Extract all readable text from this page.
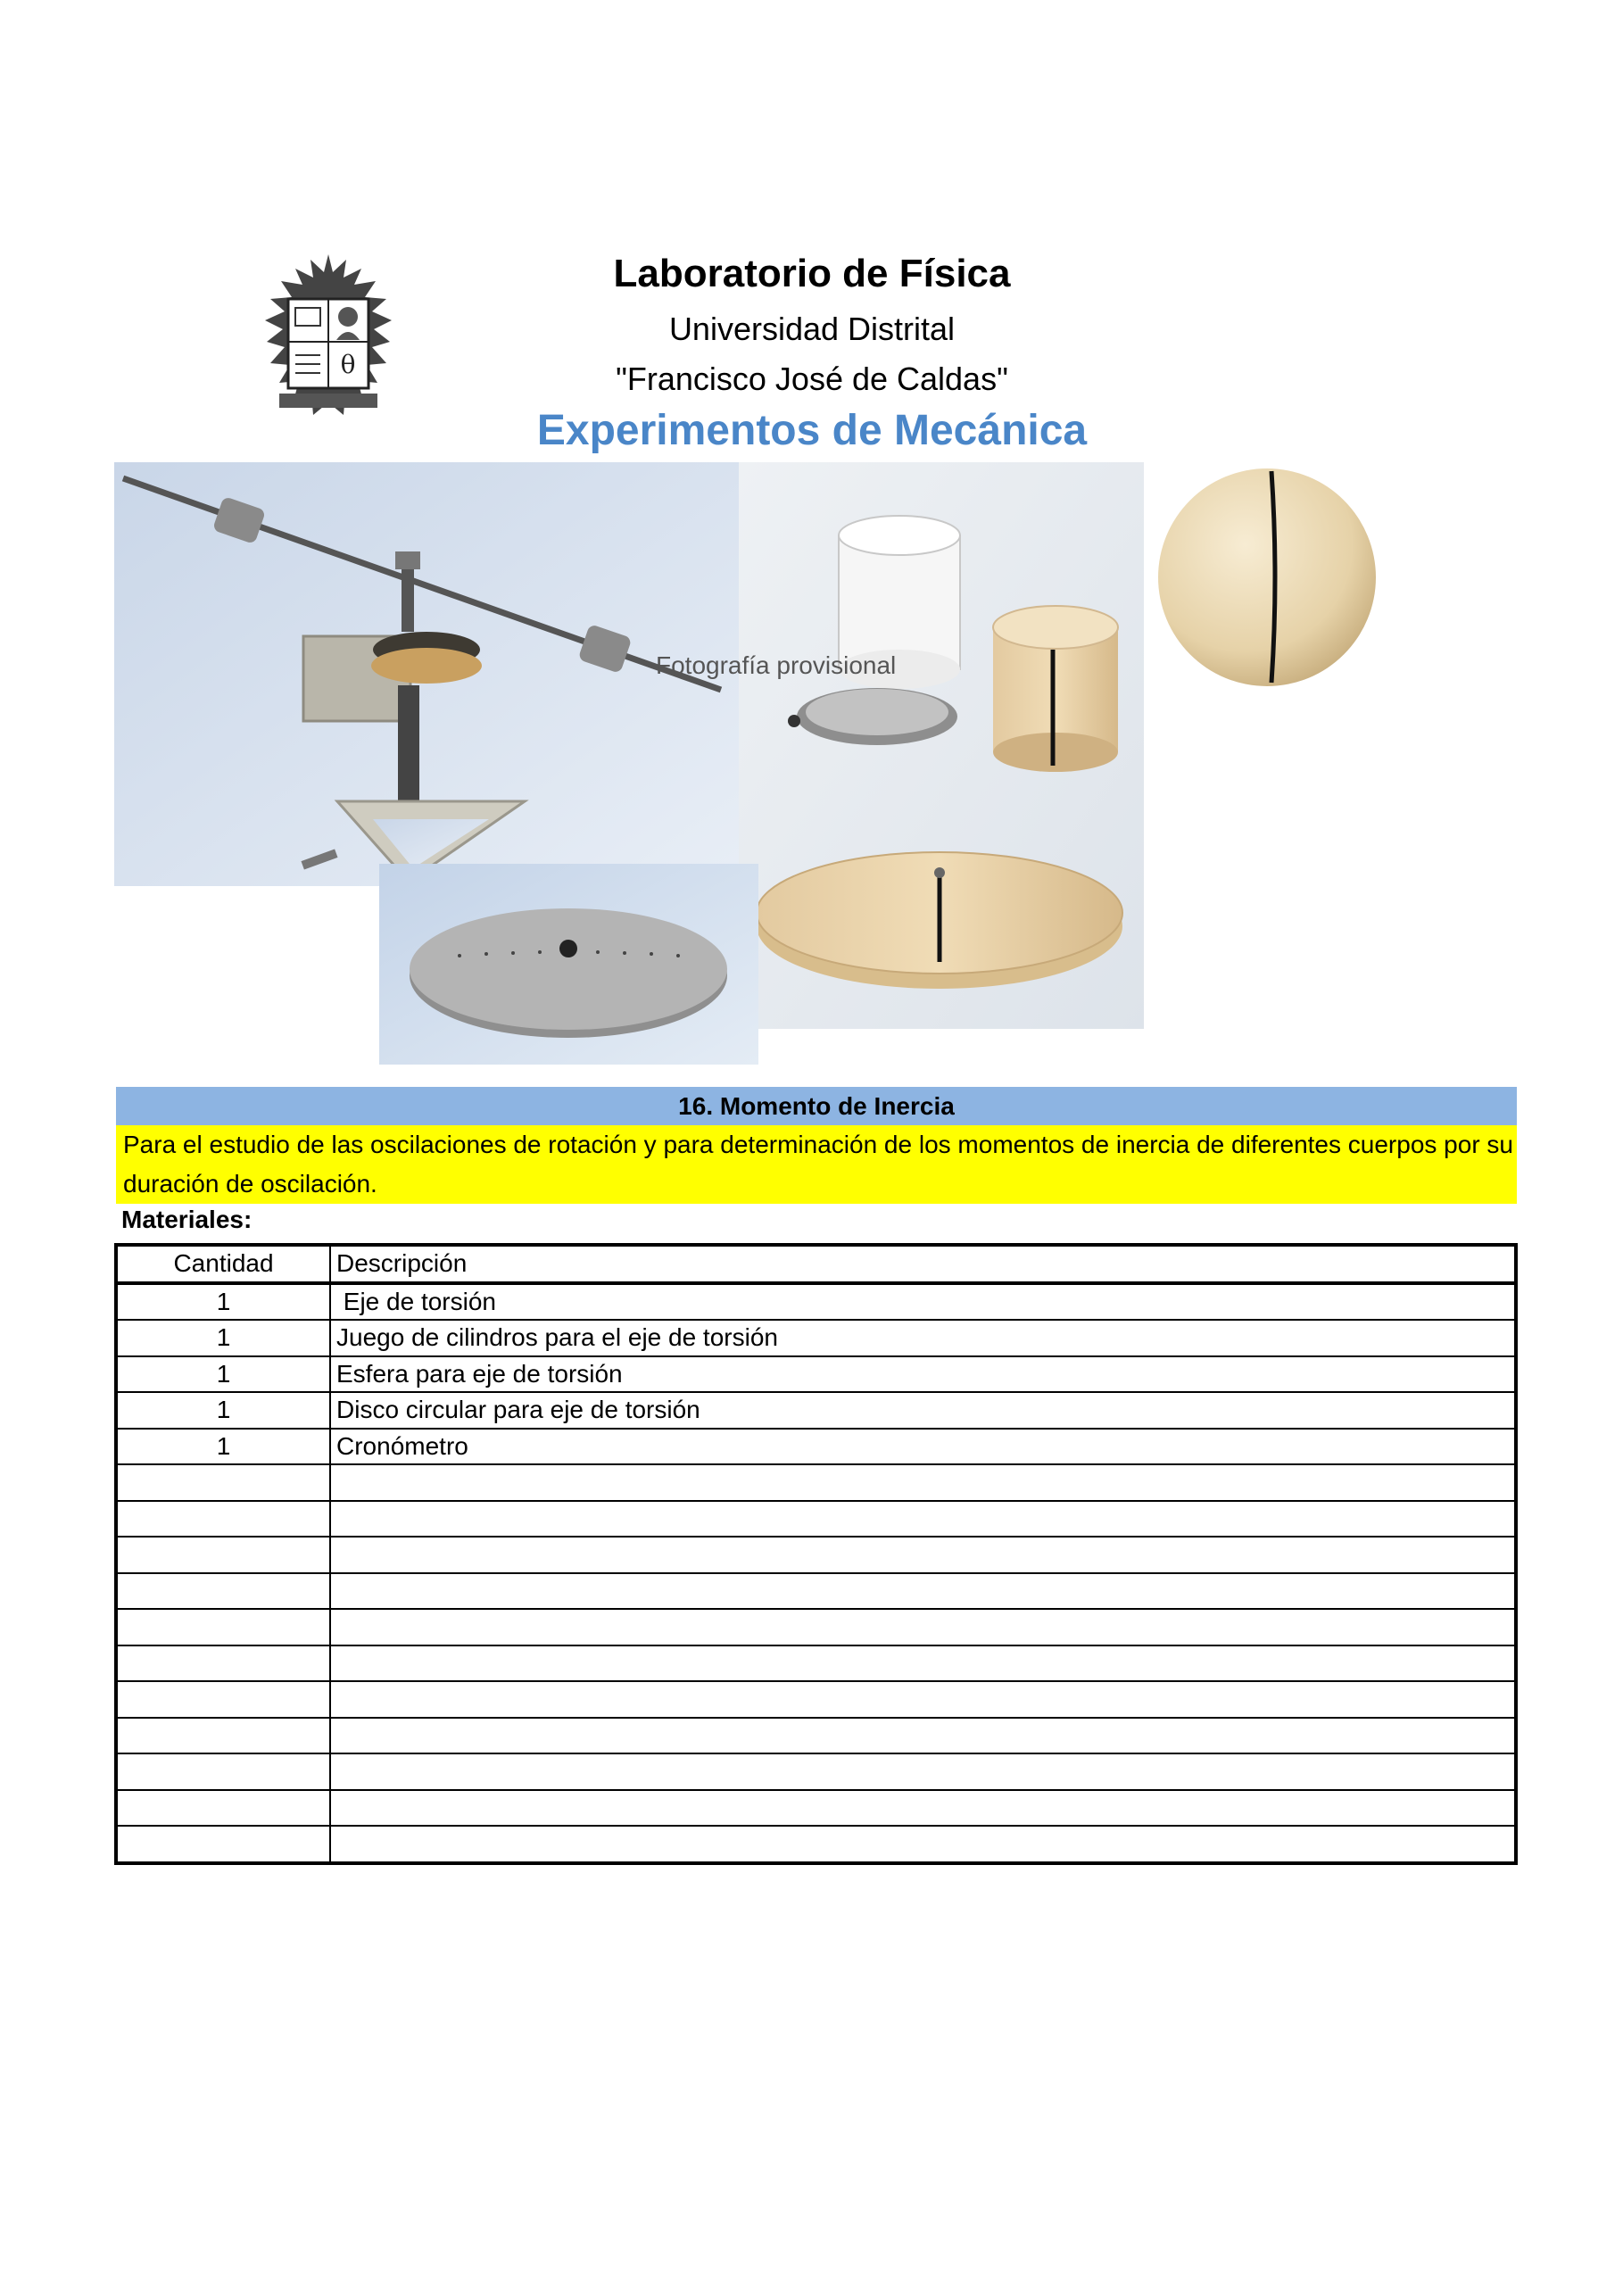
θ
Laboratorio de Física
Universidad Distrital
"Francisco José de Caldas"
Experimentos de Mecánica
Fotografía provisional
16. Momento de Inercia
Para el estudio de las oscilaciones de rotación y para determinación de los momentos de inercia de diferentes cuerpos por su duración de oscilación.
Materiales:
Cantidad	Descripción
1	Eje de torsión
1	Juego de cilindros para el eje de torsión
1	Esfera para eje de torsión
1	Disco circular para eje de torsión
1	Cronómetro
